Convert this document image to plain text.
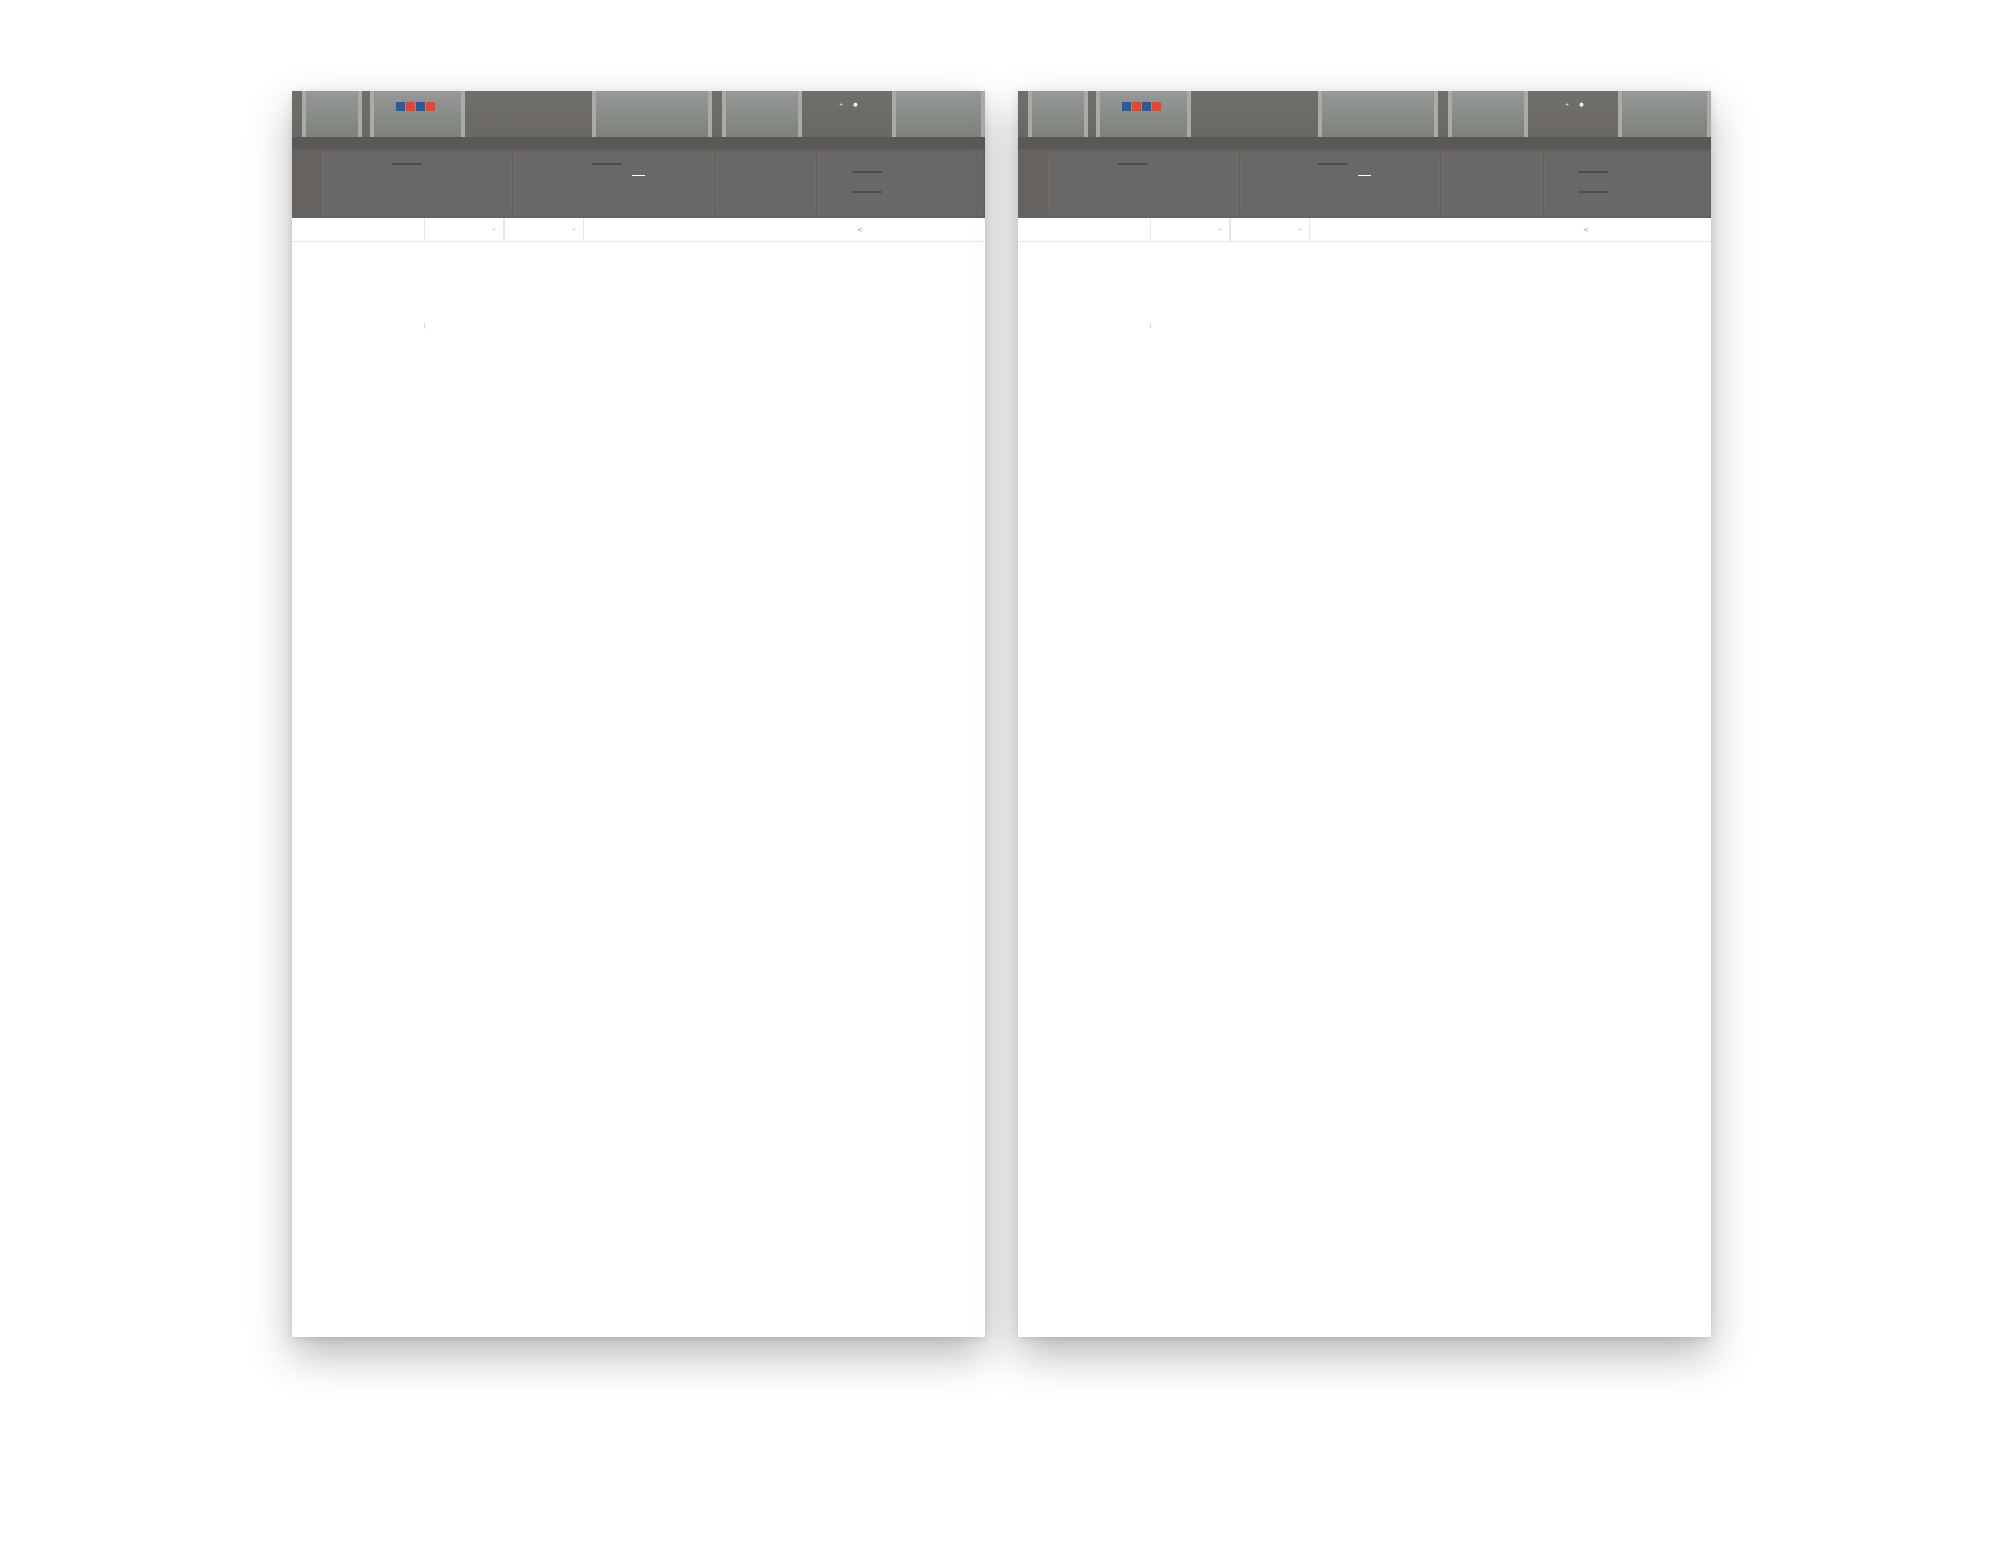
+ ●
⌄	⌄	<
|
+ ●
⌄	⌄	<
|
